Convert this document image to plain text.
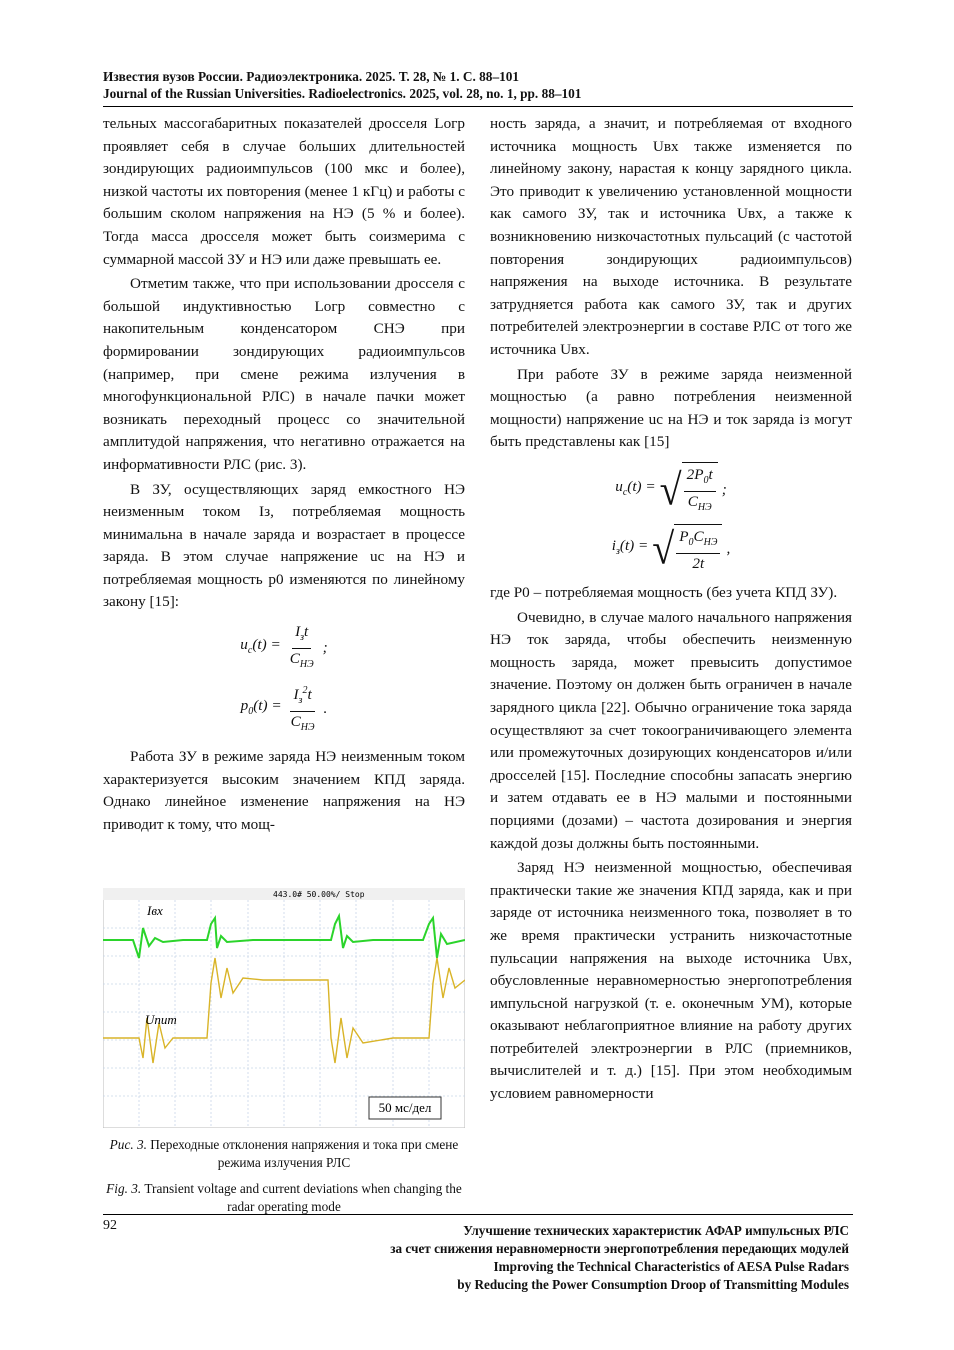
Известия вузов России. Радиоэлектроника. 2025. Т. 28, № 1. С. 88–101
Journal of the Russian Universities. Radioelectronics. 2025, vol. 28, no. 1, pp. 88–101

тельных массогабаритных показателей дросселя Lогр проявляет себя в случае больших длительностей зондирующих радиоимпульсов (100 мкс и более), низкой частоты их повторения (менее 1 кГц) и работы с большим сколом напряжения на НЭ (5 % и более). Тогда масса дросселя может быть соизмерима с суммарной массой ЗУ и НЭ или даже превышать ее.

Отметим также, что при использовании дросселя с большой индуктивностью Lогр совместно с накопительным конденсатором CНЭ при формировании зондирующих радиоимпульсов (например, при смене режима излучения в многофункциональной РЛС) в начале пачки может возникать переходный процесс со значительной амплитудой напряжения, что негативно отражается на информативности РЛС (рис. 3).

В ЗУ, осуществляющих заряд емкостного НЭ неизменным током Iз, потребляемая мощность минимальна в начале заряда и возрастает в процессе заряда. В этом случае напряжение uс на НЭ и потребляемая мощность p0 изменяются по линейному закону [15]:

$u_с(t) = \frac{I_зt}{C_{НЭ}}$ ;
$p_0(t) = \frac{I_з^2t}{C_{НЭ}}$ .

Работа ЗУ в режиме заряда НЭ неизменным током характеризуется высоким значением КПД заряда. Однако линейное изменение напряжения на НЭ приводит к тому, что мощ-

443.0# 50.00%/ Stop
Iвх
Uпит
50 мс/дел
Рис. 3. Переходные отклонения напряжения и тока при смене режима излучения РЛС
Fig. 3. Transient voltage and current deviations when changing the radar operating mode

ность заряда, а значит, и потребляемая от входного источника мощность Uвх также изменяется по линейному закону, нарастая к концу зарядного цикла. Это приводит к увеличению установленной мощности как самого ЗУ, так и источника Uвх, а также к возникновению низкочастотных пульсаций (с частотой повторения зондирующих радиоимпульсов) напряжения на выходе источника. В результате затрудняется работа как самого ЗУ, так и других потребителей электроэнергии в составе РЛС от того же источника Uвх.

При работе ЗУ в режиме заряда неизменной мощностью (а равно потребления неизменной мощности) напряжение uс на НЭ и ток заряда iз могут быть представлены как [15]

$u_с(t)$ = √ $\frac{2P_0t}{C_{НЭ}}$ ;
$i_з(t)$ = √ $\frac{P_0C_{НЭ}}{2t}$ ,

где P0 – потребляемая мощность (без учета КПД ЗУ).

Очевидно, в случае малого начального напряжения НЭ ток заряда, чтобы обеспечить неизменную мощность заряда, может превысить допустимое значение. Поэтому он должен быть ограничен в начале зарядного цикла [22]. Обычно ограничение тока заряда осуществляют за счет токоограничивающего элемента или промежуточных дозирующих конденсаторов и/или дросселей [15]. Последние способны запасать энергию и затем отдавать ее в НЭ малыми и постоянными порциями (дозами) – частота дозирования и энергия каждой дозы должны быть постоянными.

Заряд НЭ неизменной мощностью, обеспечивая практически такие же значения КПД заряда, как и при заряде от источника неизменного тока, позволяет в то же время практически устранить низкочастотные пульсации напряжения на выходе источника Uвх, обусловленные неравномерностью энергопотребления импульсной нагрузкой (т. е. оконечным УМ), которые оказывают неблагоприятное влияние на работу других потребителей электроэнергии в РЛС (приемников, вычислителей и т. д.) [15]. При этом необходимым условием равномерности

92	Улучшение технических характеристик АФАР импульсных РЛС
за счет снижения неравномерности энергопотребления передающих модулей
Improving the Technical Characteristics of AESA Pulse Radars
by Reducing the Power Consumption Droop of Transmitting Modules
